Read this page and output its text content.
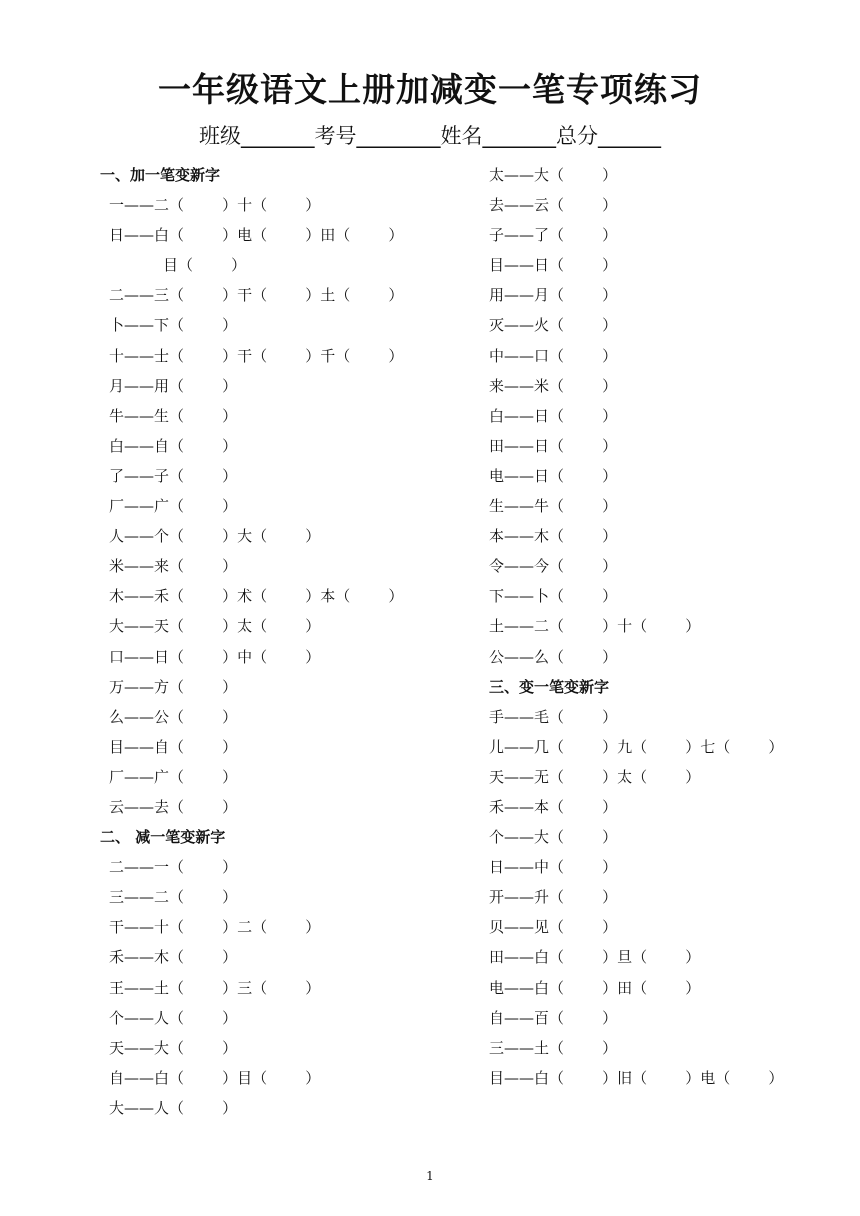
一年级语文上册加减变一笔专项练习
班级_______考号________姓名_______总分______
一、加一笔变新字
一——二（        ）十（        ）
日——白（        ）电（        ）田（        ）
目（        ）
二——三（        ）干（        ）土（        ）
卜——下（        ）
十——士（        ）干（        ）千（        ）
月——用（        ）
牛——生（        ）
白——自（        ）
了——子（        ）
厂——广（        ）
人——个（        ）大（        ）
米——来（        ）
木——禾（        ）术（        ）本（        ）
大——天（        ）太（        ）
口——日（        ）中（        ）
万——方（        ）
么——公（        ）
目——自（        ）
厂——广（        ）
云——去（        ）
二、 减一笔变新字
二——一（        ）
三——二（        ）
干——十（        ）二（        ）
禾——木（        ）
王——土（        ）三（        ）
个——人（        ）
天——大（        ）
自——白（        ）目（        ）
大——人（        ）
太——大（        ）
去——云（        ）
子——了（        ）
目——日（        ）
用——月（        ）
灭——火（        ）
中——口（        ）
来——米（        ）
白——日（        ）
田——日（        ）
电——日（        ）
生——牛（        ）
本——木（        ）
令——今（        ）
下——卜（        ）
土——二（        ）十（        ）
公——么（        ）
三、变一笔变新字
手——毛（        ）
儿——几（        ）九（        ）七（        ）
天——无（        ）太（        ）
禾——本（        ）
个——大（        ）
日——中（        ）
开——升（        ）
贝——见（        ）
田——白（        ）旦（        ）
电——白（        ）田（        ）
自——百（        ）
三——土（        ）
目——白（        ）旧（        ）电（        ）
1
